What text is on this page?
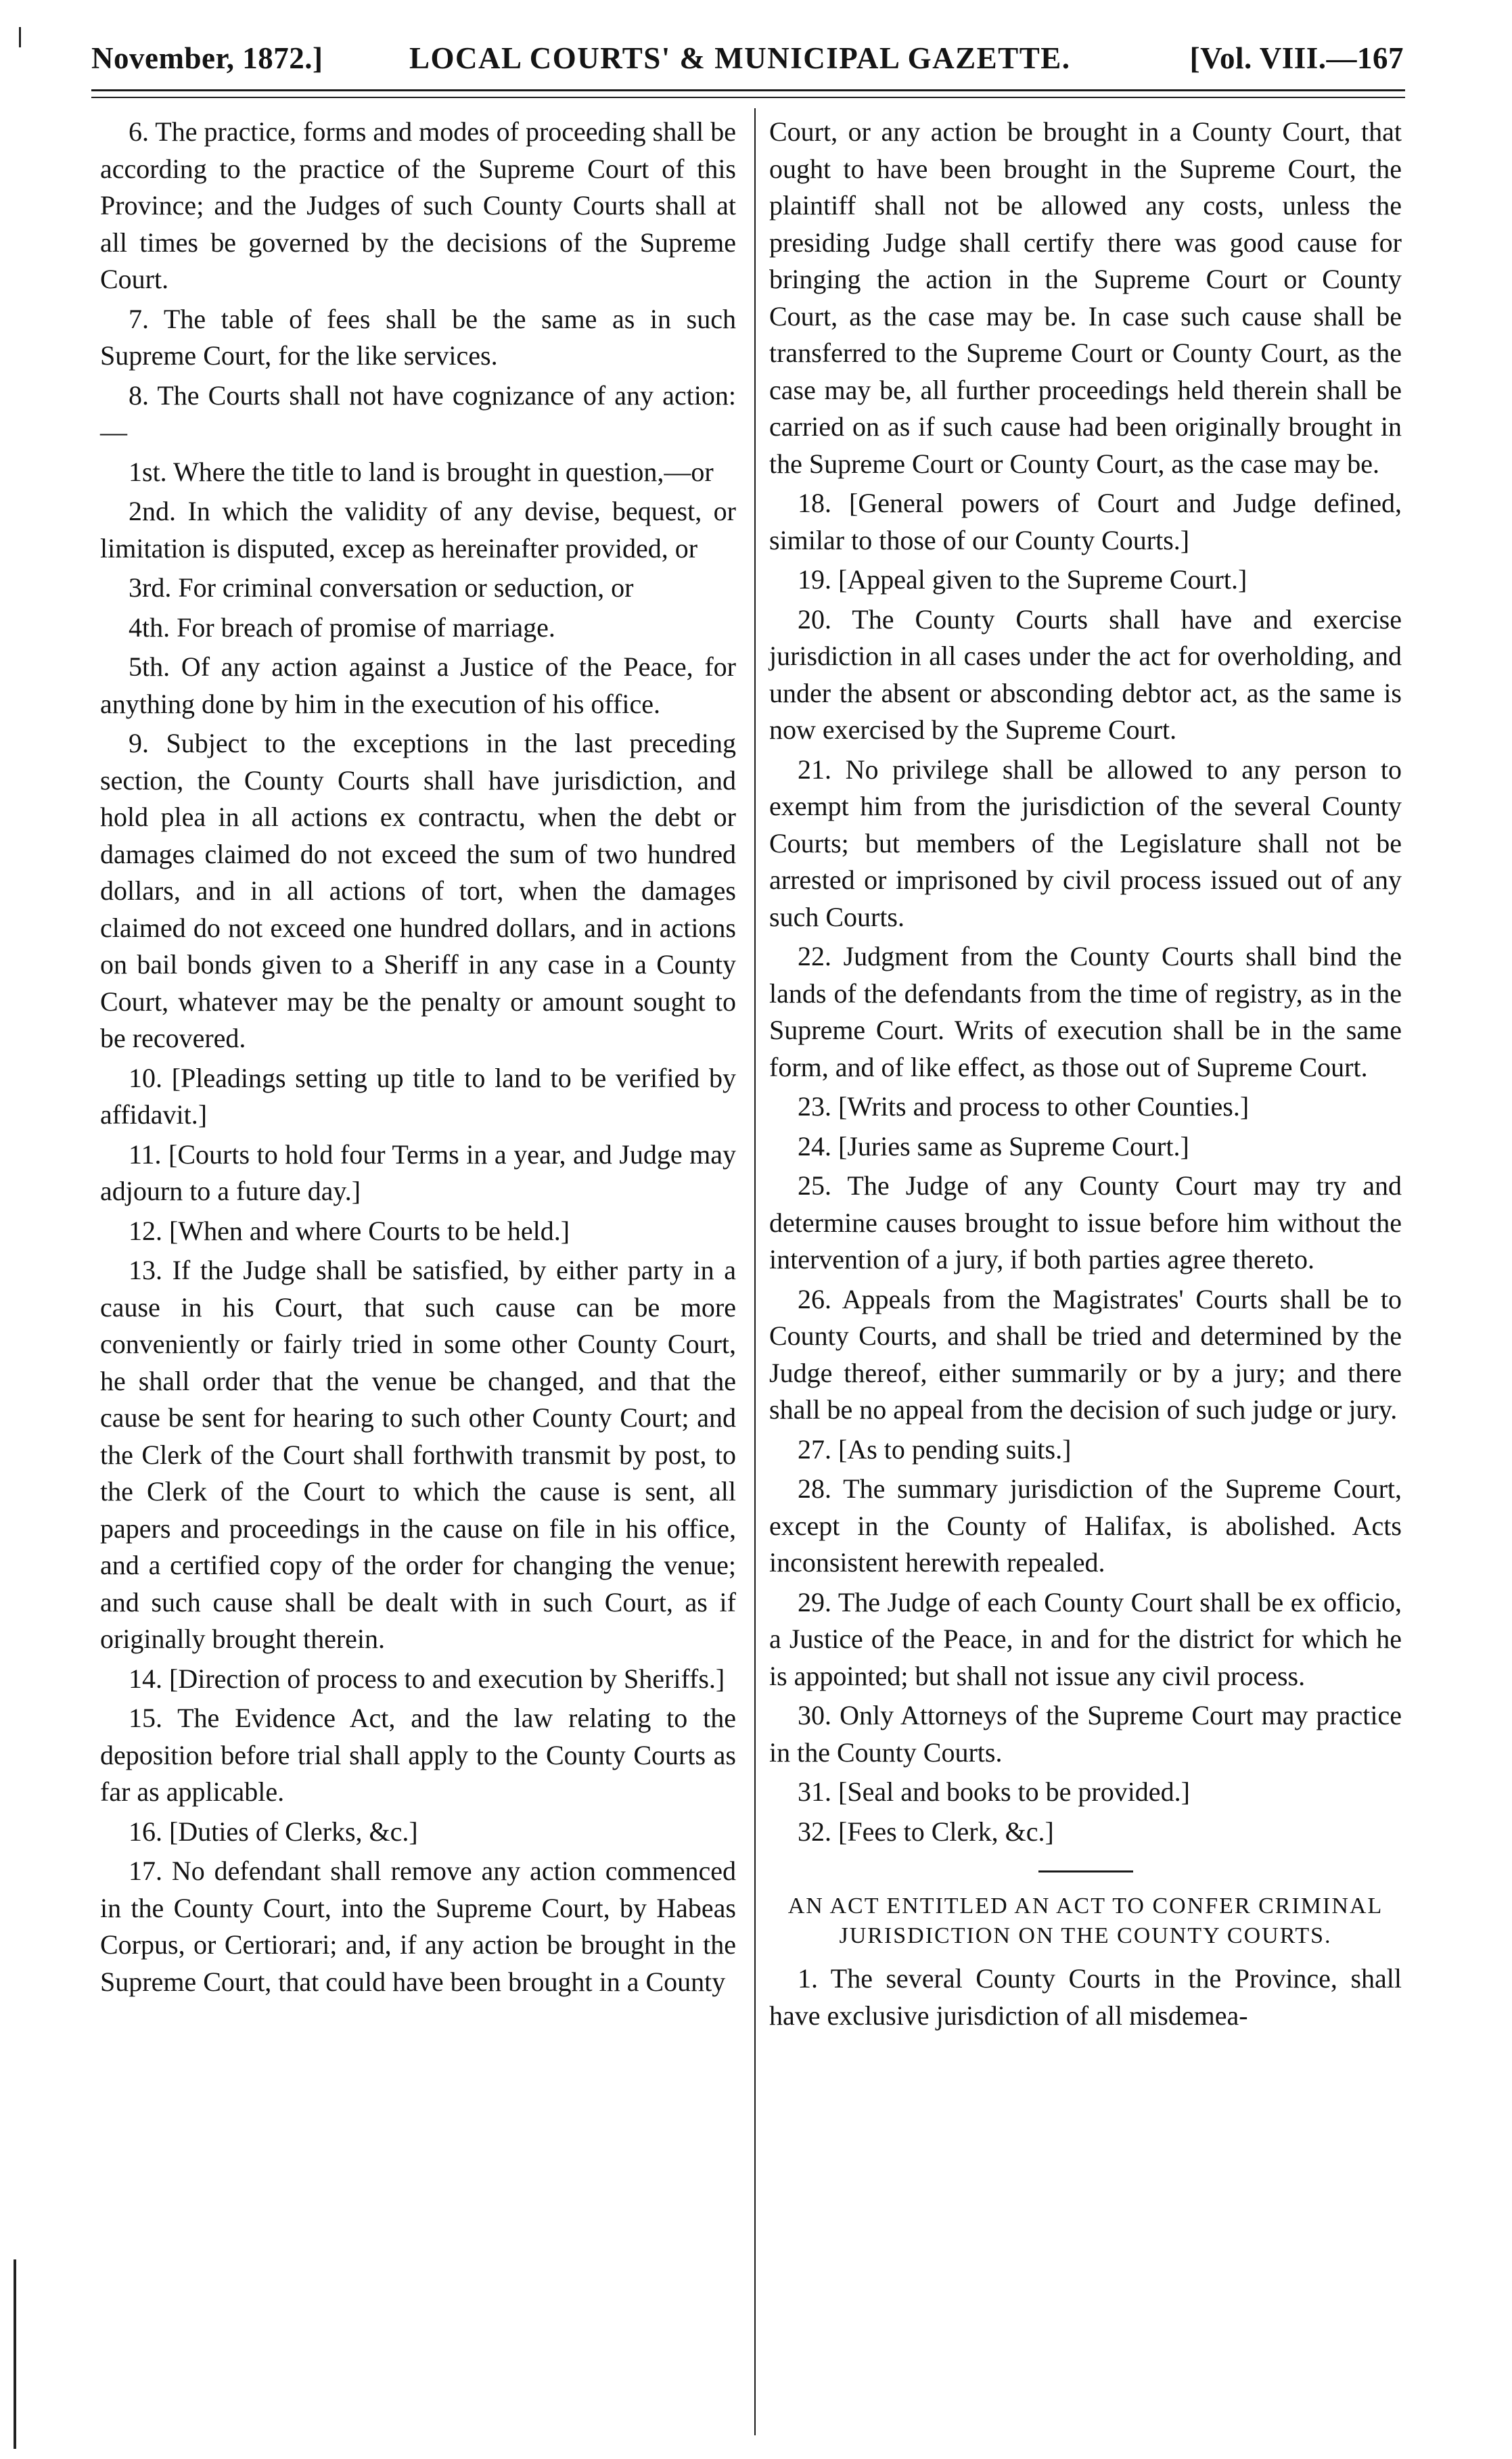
November, 1872.]	LOCAL COURTS' & MUNICIPAL GAZETTE.	[Vol. VIII.—167

6. The practice, forms and modes of proceeding shall be according to the practice of the Supreme Court of this Province; and the Judges of such County Courts shall at all times be governed by the decisions of the Supreme Court.

7. The table of fees shall be the same as in such Supreme Court, for the like services.

8. The Courts shall not have cognizance of any action:—

1st. Where the title to land is brought in question,—or

2nd. In which the validity of any devise, bequest, or limitation is disputed, excep as hereinafter provided, or

3rd. For criminal conversation or seduction, or

4th. For breach of promise of marriage.

5th. Of any action against a Justice of the Peace, for anything done by him in the execution of his office.

9. Subject to the exceptions in the last preceding section, the County Courts shall have jurisdiction, and hold plea in all actions ex contractu, when the debt or damages claimed do not exceed the sum of two hundred dollars, and in all actions of tort, when the damages claimed do not exceed one hundred dollars, and in actions on bail bonds given to a Sheriff in any case in a County Court, whatever may be the penalty or amount sought to be recovered.

10. [Pleadings setting up title to land to be verified by affidavit.]

11. [Courts to hold four Terms in a year, and Judge may adjourn to a future day.]

12. [When and where Courts to be held.]

13. If the Judge shall be satisfied, by either party in a cause in his Court, that such cause can be more conveniently or fairly tried in some other County Court, he shall order that the venue be changed, and that the cause be sent for hearing to such other County Court; and the Clerk of the Court shall forthwith transmit by post, to the Clerk of the Court to which the cause is sent, all papers and proceedings in the cause on file in his office, and a certified copy of the order for changing the venue; and such cause shall be dealt with in such Court, as if originally brought therein.

14. [Direction of process to and execution by Sheriffs.]

15. The Evidence Act, and the law relating to the deposition before trial shall apply to the County Courts as far as applicable.

16. [Duties of Clerks, &c.]

17. No defendant shall remove any action commenced in the County Court, into the Supreme Court, by Habeas Corpus, or Certiorari; and, if any action be brought in the Supreme Court, that could have been brought in a County

Court, or any action be brought in a County Court, that ought to have been brought in the Supreme Court, the plaintiff shall not be allowed any costs, unless the presiding Judge shall certify there was good cause for bringing the action in the Supreme Court or County Court, as the case may be. In case such cause shall be transferred to the Supreme Court or County Court, as the case may be, all further proceedings held therein shall be carried on as if such cause had been originally brought in the Supreme Court or County Court, as the case may be.

18. [General powers of Court and Judge defined, similar to those of our County Courts.]

19. [Appeal given to the Supreme Court.]

20. The County Courts shall have and exercise jurisdiction in all cases under the act for overholding, and under the absent or absconding debtor act, as the same is now exercised by the Supreme Court.

21. No privilege shall be allowed to any person to exempt him from the jurisdiction of the several County Courts; but members of the Legislature shall not be arrested or imprisoned by civil process issued out of any such Courts.

22. Judgment from the County Courts shall bind the lands of the defendants from the time of registry, as in the Supreme Court. Writs of execution shall be in the same form, and of like effect, as those out of Supreme Court.

23. [Writs and process to other Counties.]

24. [Juries same as Supreme Court.]

25. The Judge of any County Court may try and determine causes brought to issue before him without the intervention of a jury, if both parties agree thereto.

26. Appeals from the Magistrates' Courts shall be to County Courts, and shall be tried and determined by the Judge thereof, either summarily or by a jury; and there shall be no appeal from the decision of such judge or jury.

27. [As to pending suits.]

28. The summary jurisdiction of the Supreme Court, except in the County of Halifax, is abolished. Acts inconsistent herewith repealed.

29. The Judge of each County Court shall be ex officio, a Justice of the Peace, in and for the district for which he is appointed; but shall not issue any civil process.

30. Only Attorneys of the Supreme Court may practice in the County Courts.

31. [Seal and books to be provided.]

32. [Fees to Clerk, &c.]

AN ACT ENTITLED AN ACT TO CONFER CRIMINAL JURISDICTION ON THE COUNTY COURTS.

1. The several County Courts in the Province, shall have exclusive jurisdiction of all misdemea-
